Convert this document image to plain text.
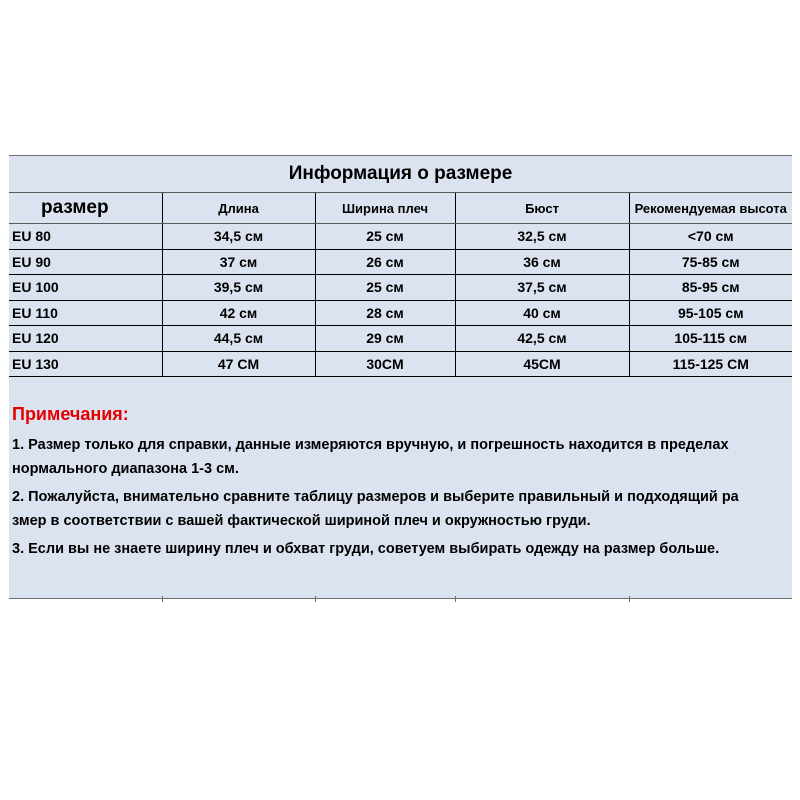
Информация о размере
размер	Длина	Ширина плеч	Бюст	Рекомендуемая высота
EU 80	34,5 см	25 см	32,5 см	<70 см
EU 90	37 см	26 см	36 см	75-85 см
EU 100	39,5 см	25 см	37,5 см	85-95 см
EU 110	42 см	28 см	40 см	95-105 см
EU 120	44,5 см	29 см	42,5 см	105-115 см
EU 130	47 CM	30CM	45CM	115-125 CM
Примечания:
1. Размер только для справки, данные измеряются вручную, и погрешность находится в пределах
нормального диапазона 1-3 см.
2. Пожалуйста, внимательно сравните таблицу размеров и выберите правильный и подходящий ра
змер в соответствии с вашей фактической шириной плеч и окружностью груди.
3. Если вы не знаете ширину плеч и обхват груди, советуем выбирать одежду на размер больше.
